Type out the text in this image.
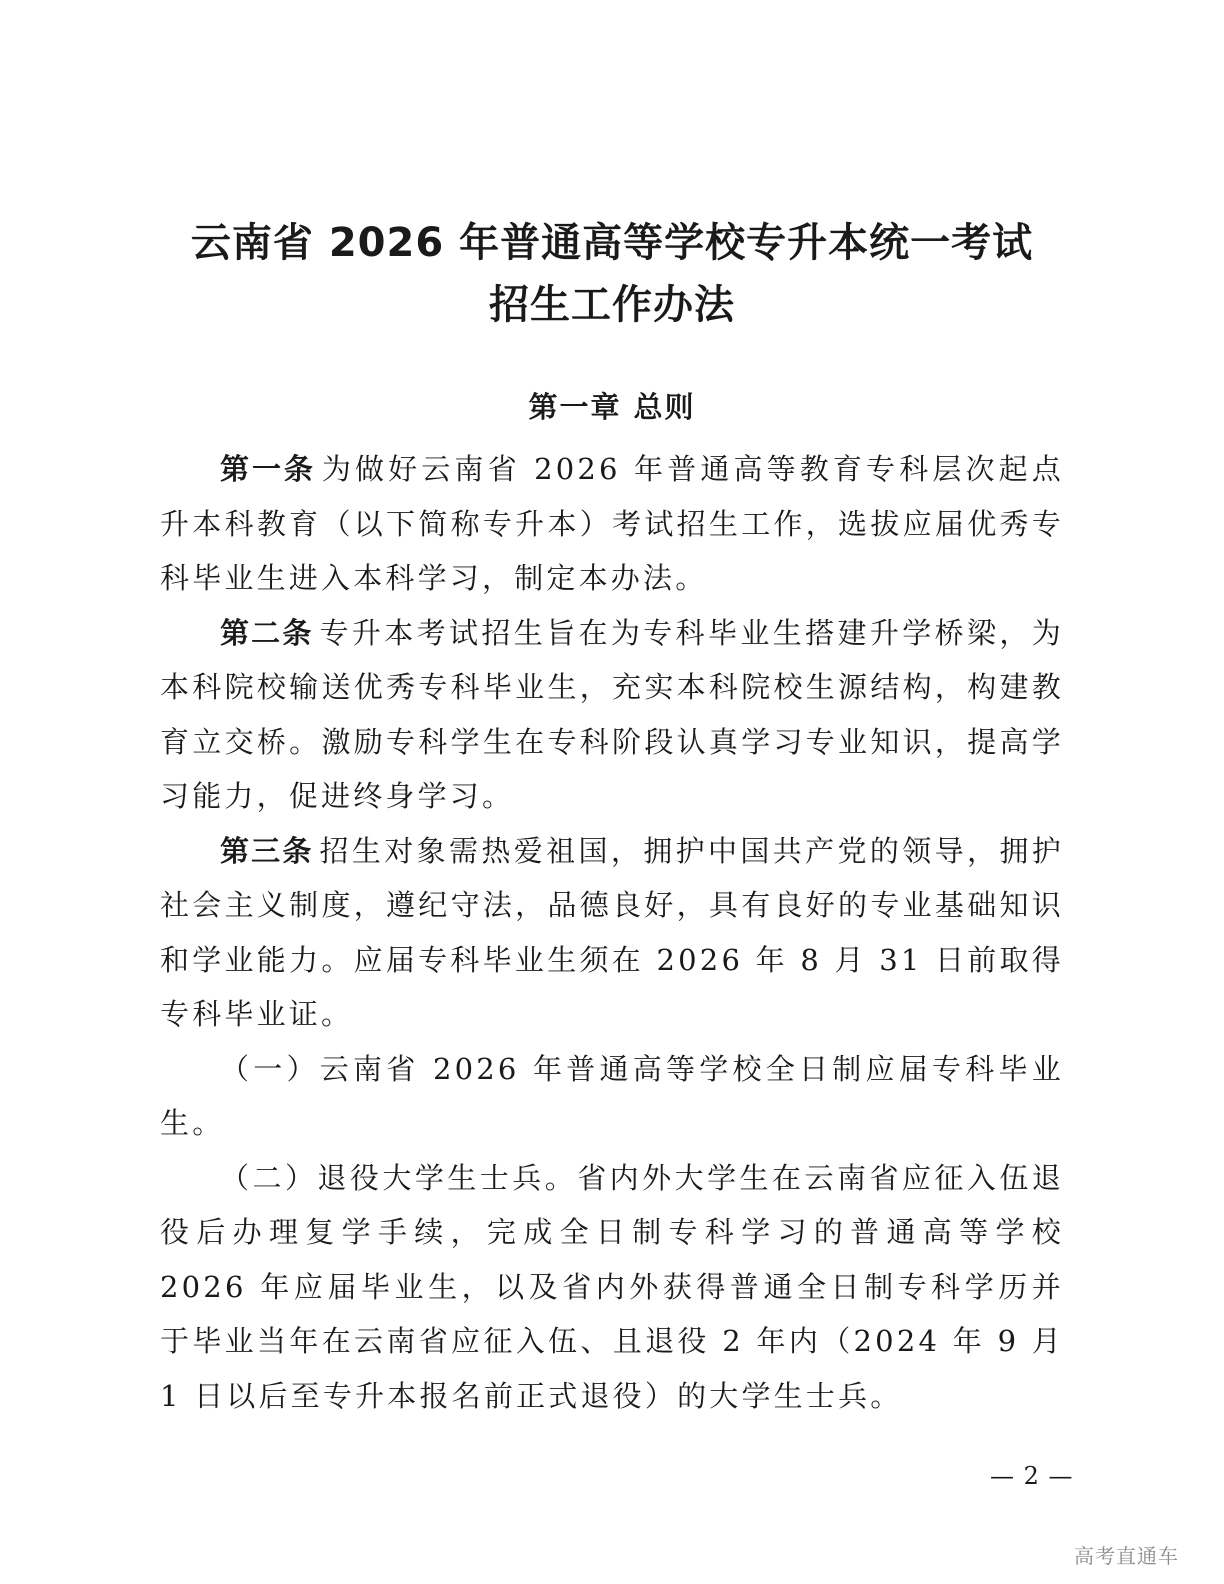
云南省 2026 年普通高等学校专升本统一考试
招生工作办法
第一章 总则

第一条 为做好云南省 2026 年普通高等教育专科层次起点升本科教育（以下简称专升本）考试招生工作，选拔应届优秀专科毕业生进入本科学习，制定本办法。

第二条 专升本考试招生旨在为专科毕业生搭建升学桥梁，为本科院校输送优秀专科毕业生，充实本科院校生源结构，构建教育立交桥。激励专科学生在专科阶段认真学习专业知识，提高学习能力，促进终身学习。

第三条 招生对象需热爱祖国，拥护中国共产党的领导，拥护社会主义制度，遵纪守法，品德良好，具有良好的专业基础知识和学业能力。应届专科毕业生须在 2026 年 8 月 31 日前取得专科毕业证。

（一）云南省 2026 年普通高等学校全日制应届专科毕业生。

（二）退役大学生士兵。省内外大学生在云南省应征入伍退役后办理复学手续，完成全日制专科学习的普通高等学校 2026 年应届毕业生，以及省内外获得普通全日制专科学历并于毕业当年在云南省应征入伍、且退役 2 年内（2024 年 9 月 1 日以后至专升本报名前正式退役）的大学生士兵。

— 2 —
高考直通车
